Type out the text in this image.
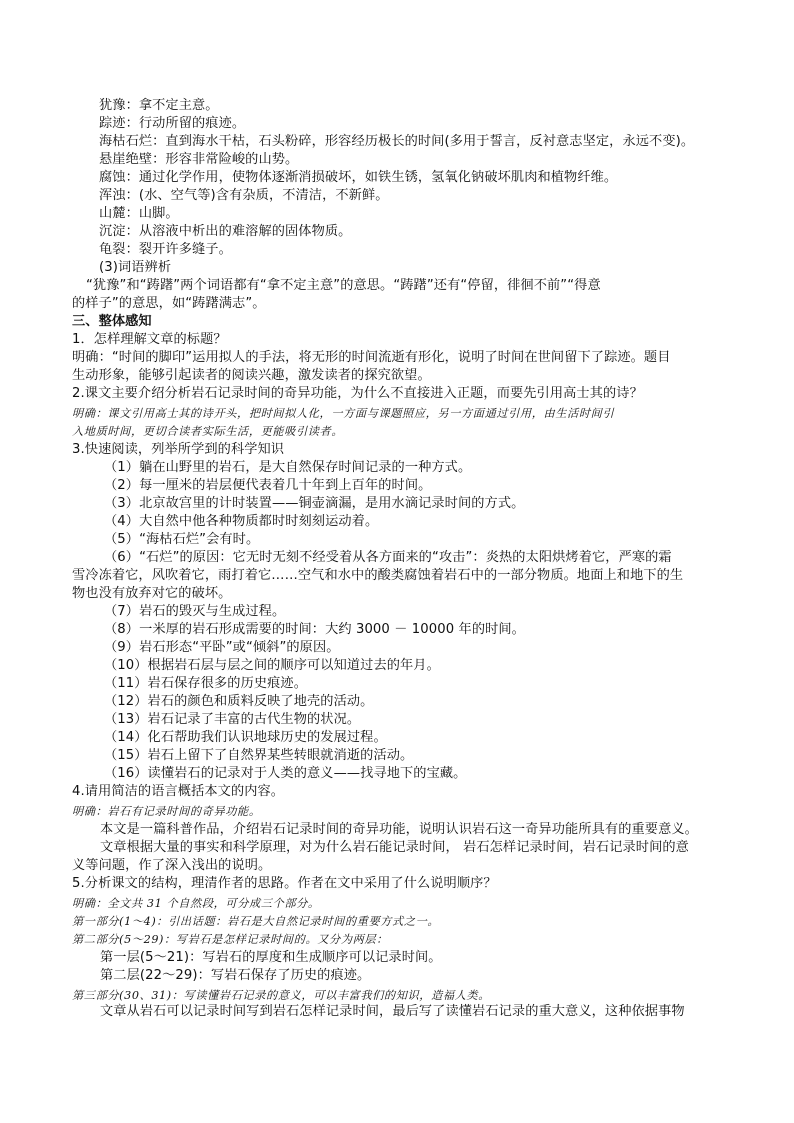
犹豫：拿不定主意。
踪迹：行动所留的痕迹。
海枯石烂：直到海水干枯，石头粉碎，形容经历极长的时间(多用于誓言，反衬意志坚定，永远不变)。
悬崖绝壁：形容非常险峻的山势。
腐蚀：通过化学作用，使物体逐渐消损破坏，如铁生锈，氢氧化钠破坏肌肉和植物纤维。
浑浊：(水、空气等)含有杂质，不清洁，不新鲜。
山麓：山脚。
沉淀：从溶液中析出的难溶解的固体物质。
龟裂：裂开许多缝子。
(3)词语辨析
“犹豫”和“踌躇”两个词语都有“拿不定主意”的意思。“踌躇”还有“停留，徘徊不前”“得意
的样子”的意思，如“踌躇满志”。
三、整体感知
1．怎样理解文章的标题？
明确：“时间的脚印”运用拟人的手法，将无形的时间流逝有形化，说明了时间在世间留下了踪迹。题目
生动形象，能够引起读者的阅读兴趣，激发读者的探究欲望。
2.课文主要介绍分析岩石记录时间的奇异功能，为什么不直接进入正题，而要先引用高士其的诗？
明确：课文引用高士其的诗开头，把时间拟人化，一方面与课题照应，另一方面通过引用，由生活时间引
入地质时间，更切合读者实际生活，更能吸引读者。
3.快速阅读，列举所学到的科学知识
（1）躺在山野里的岩石，是大自然保存时间记录的一种方式。
（2）每一厘米的岩层便代表着几十年到上百年的时间。
（3）北京故宫里的计时装置——铜壶滴漏，是用水滴记录时间的方式。
（4）大自然中他各种物质都时时刻刻运动着。
（5）“海枯石烂”会有时。
（6）“石烂”的原因：它无时无刻不经受着从各方面来的“攻击”：炎热的太阳烘烤着它，严寒的霜
雪冷冻着它，风吹着它，雨打着它……空气和水中的酸类腐蚀着岩石中的一部分物质。地面上和地下的生
物也没有放弃对它的破坏。
（7）岩石的毁灭与生成过程。
（8）一米厚的岩石形成需要的时间：大约 3000 － 10000 年的时间。
（9）岩石形态“平卧”或“倾斜”的原因。
（10）根据岩石层与层之间的顺序可以知道过去的年月。
（11）岩石保存很多的历史痕迹。
（12）岩石的颜色和质料反映了地壳的活动。
（13）岩石记录了丰富的古代生物的状况。
（14）化石帮助我们认识地球历史的发展过程。
（15）岩石上留下了自然界某些转眼就消逝的活动。
（16）读懂岩石的记录对于人类的意义——找寻地下的宝藏。
4.请用简洁的语言概括本文的内容。
明确：岩石有记录时间的奇异功能。
本文是一篇科普作品，介绍岩石记录时间的奇异功能，说明认识岩石这一奇异功能所具有的重要意义。
文章根据大量的事实和科学原理，对为什么岩石能记录时间， 岩石怎样记录时间，岩石记录时间的意
义等问题，作了深入浅出的说明。
5.分析课文的结构，理清作者的思路。作者在文中采用了什么说明顺序？
明确：全文共 31 个自然段，可分成三个部分。
第一部分(1～4)：引出话题：岩石是大自然记录时间的重要方式之一。
第二部分(5～29)：写岩石是怎样记录时间的。又分为两层：
第一层(5～21)：写岩石的厚度和生成顺序可以记录时间。
第二层(22～29)：写岩石保存了历史的痕迹。
第三部分(30、31)：写读懂岩石记录的意义，可以丰富我们的知识，造福人类。
文章从岩石可以记录时间写到岩石怎样记录时间，最后写了读懂岩石记录的重大意义，这种依据事物
